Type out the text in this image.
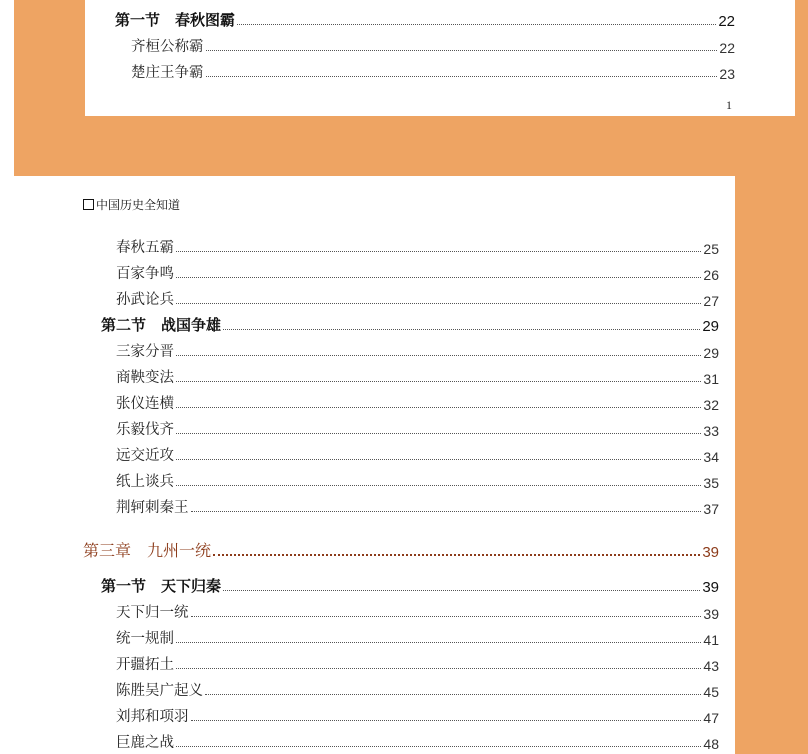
第一节　春秋图霸	22
齐桓公称霸	22
楚庄王争霸	23
1
中国历史全知道
春秋五霸	25
百家争鸣	26
孙武论兵	27
第二节　战国争雄	29
三家分晋	29
商鞅变法	31
张仪连横	32
乐毅伐齐	33
远交近攻	34
纸上谈兵	35
荆轲刺秦王	37
第三章　九州一统	39
第一节　天下归秦	39
天下归一统	39
统一规制	41
开疆拓土	43
陈胜吴广起义	45
刘邦和项羽	47
巨鹿之战	48
